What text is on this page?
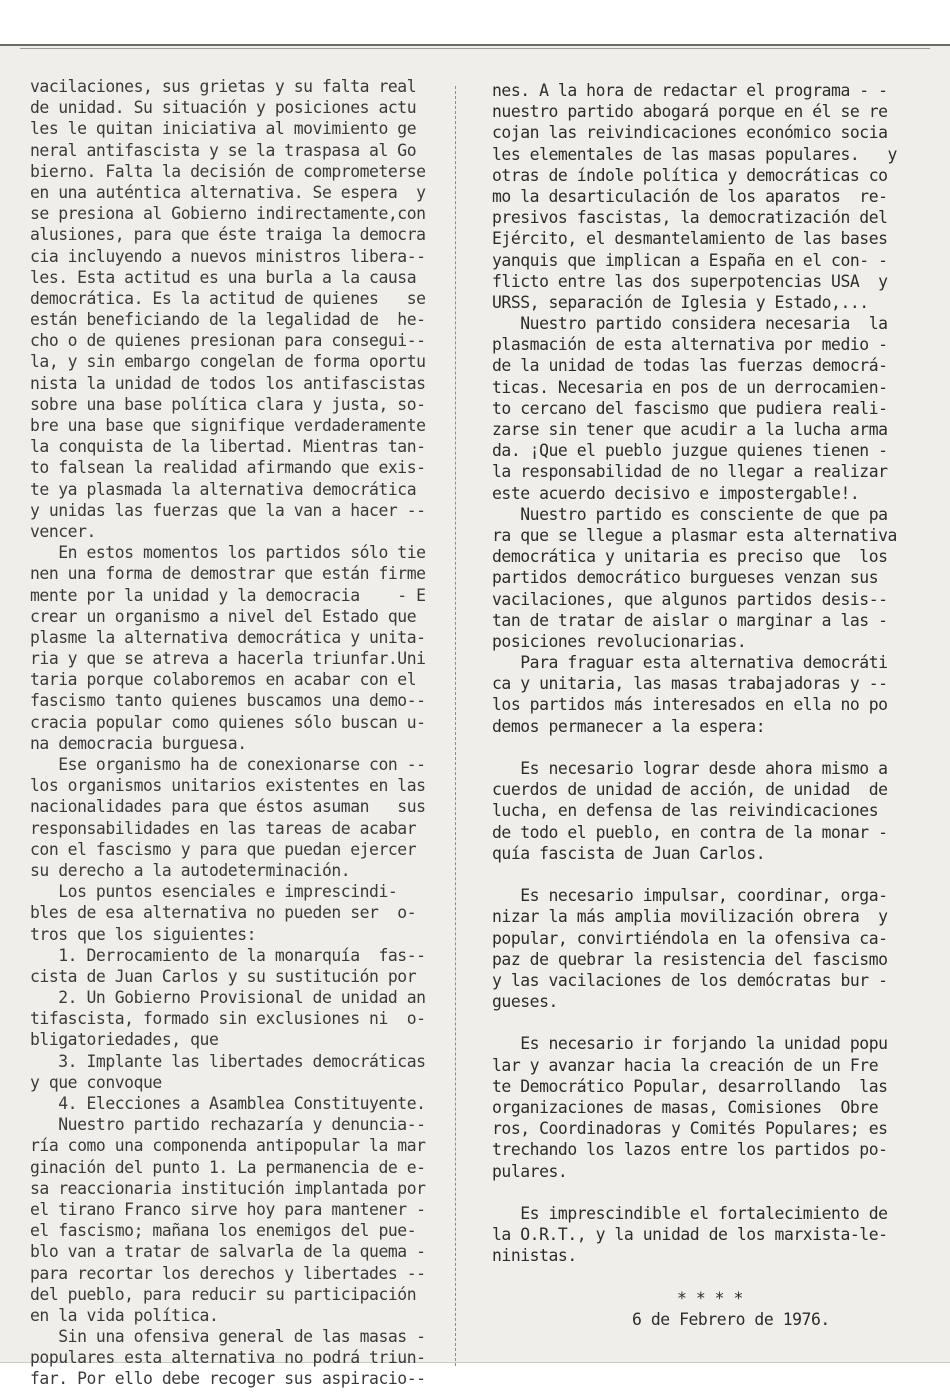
vacilaciones, sus grietas y su falta real
de unidad. Su situación y posiciones actu
les le quitan iniciativa al movimiento ge
neral antifascista y se la traspasa al Go
bierno. Falta la decisión de comprometerse
en una auténtica alternativa. Se espera  y
se presiona al Gobierno indirectamente,con
alusiones, para que éste traiga la democra
cia incluyendo a nuevos ministros libera--
les. Esta actitud es una burla a la causa
democrática. Es la actitud de quienes   se
están beneficiando de la legalidad de  he-
cho o de quienes presionan para consegui--
la, y sin embargo congelan de forma oportu
nista la unidad de todos los antifascistas
sobre una base política clara y justa, so-
bre una base que signifique verdaderamente
la conquista de la libertad. Mientras tan-
to falsean la realidad afirmando que exis-
te ya plasmada la alternativa democrática
y unidas las fuerzas que la van a hacer --
vencer.
En estos momentos los partidos sólo tie
nen una forma de demostrar que están firme
mente por la unidad y la democracia    - E
crear un organismo a nivel del Estado que
plasme la alternativa democrática y unita-
ria y que se atreva a hacerla triunfar.Uni
taria porque colaboremos en acabar con el
fascismo tanto quienes buscamos una demo--
cracia popular como quienes sólo buscan u-
na democracia burguesa.
Ese organismo ha de conexionarse con --
los organismos unitarios existentes en las
nacionalidades para que éstos asuman   sus
responsabilidades en las tareas de acabar
con el fascismo y para que puedan ejercer
su derecho a la autodeterminación.
Los puntos esenciales e imprescindi-
bles de esa alternativa no pueden ser  o-
tros que los siguientes:
1. Derrocamiento de la monarquía  fas--
cista de Juan Carlos y su sustitución por
2. Un Gobierno Provisional de unidad an
tifascista, formado sin exclusiones ni  o-
bligatoriedades, que
3. Implante las libertades democráticas
y que convoque
4. Elecciones a Asamblea Constituyente.
Nuestro partido rechazaría y denuncia--
ría como una componenda antipopular la mar
ginación del punto 1. La permanencia de e-
sa reaccionaria institución implantada por
el tirano Franco sirve hoy para mantener -
el fascismo; mañana los enemigos del pue-
blo van a tratar de salvarla de la quema -
para recortar los derechos y libertades --
del pueblo, para reducir su participación
en la vida política.
Sin una ofensiva general de las masas -
populares esta alternativa no podrá triun-
far. Por ello debe recoger sus aspiracio--
nes. A la hora de redactar el programa - -
nuestro partido abogará porque en él se re
cojan las reivindicaciones económico socia
les elementales de las masas populares.   y
otras de índole política y democráticas co
mo la desarticulación de los aparatos  re-
presivos fascistas, la democratización del
Ejército, el desmantelamiento de las bases
yanquis que implican a España en el con- -
flicto entre las dos superpotencias USA  y
URSS, separación de Iglesia y Estado,...
Nuestro partido considera necesaria  la
plasmación de esta alternativa por medio -
de la unidad de todas las fuerzas democrá-
ticas. Necesaria en pos de un derrocamien-
to cercano del fascismo que pudiera reali-
zarse sin tener que acudir a la lucha arma
da. ¡Que el pueblo juzgue quienes tienen -
la responsabilidad de no llegar a realizar
este acuerdo decisivo e impostergable!.
Nuestro partido es consciente de que pa
ra que se llegue a plasmar esta alternativa
democrática y unitaria es preciso que  los
partidos democrático burgueses venzan sus
vacilaciones, que algunos partidos desis--
tan de tratar de aislar o marginar a las -
posiciones revolucionarias.
Para fraguar esta alternativa democráti
ca y unitaria, las masas trabajadoras y --
los partidos más interesados en ella no po
demos permanecer a la espera:
Es necesario lograr desde ahora mismo a
cuerdos de unidad de acción, de unidad  de
lucha, en defensa de las reivindicaciones
de todo el pueblo, en contra de la monar -
quía fascista de Juan Carlos.
Es necesario impulsar, coordinar, orga-
nizar la más amplia movilización obrera  y
popular, convirtiéndola en la ofensiva ca-
paz de quebrar la resistencia del fascismo
y las vacilaciones de los demócratas bur -
gueses.
Es necesario ir forjando la unidad popu
lar y avanzar hacia la creación de un Fre
te Democrático Popular, desarrollando  las
organizaciones de masas, Comisiones  Obre
ros, Coordinadoras y Comités Populares; es
trechando los lazos entre los partidos po-
pulares.
Es imprescindible el fortalecimiento de
la O.R.T., y la unidad de los marxista-le-
ninistas.
* * * *
6 de Febrero de 1976.
